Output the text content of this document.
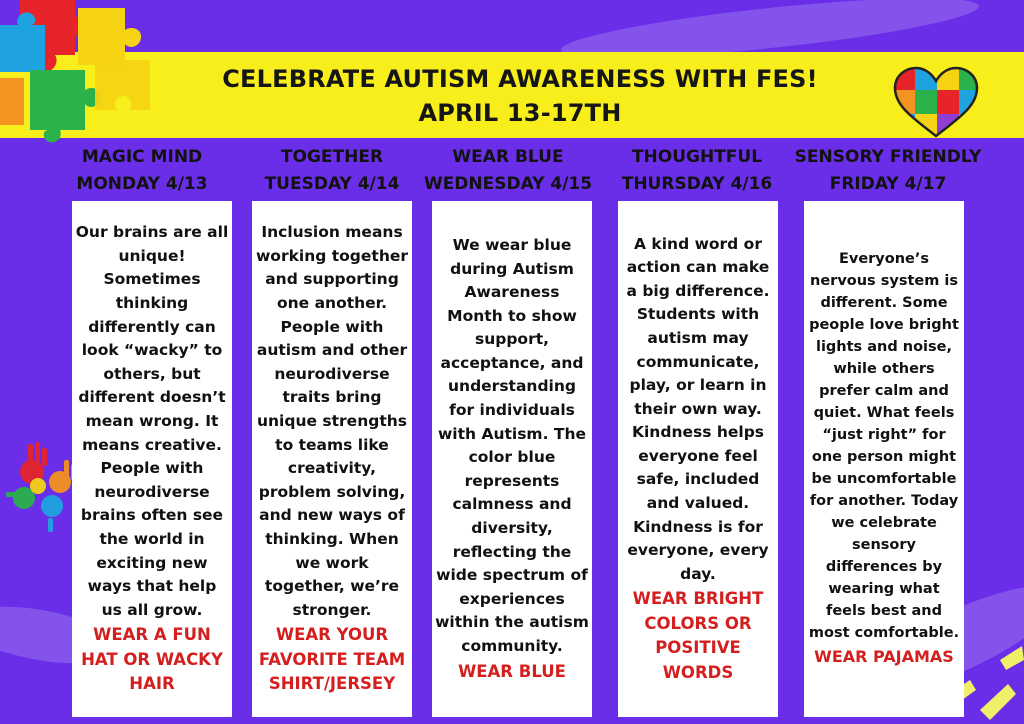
CELEBRATE AUTISM AWARENESS WITH FES!
APRIL 13-17TH
MAGIC MIND
MONDAY 4/13
TOGETHER
TUESDAY 4/14
WEAR BLUE
WEDNESDAY 4/15
THOUGHTFUL
THURSDAY 4/16
SENSORY FRIENDLY
FRIDAY 4/17
Our brains are all unique! Sometimes thinking differently can look “wacky” to others, but different doesn’t mean wrong. It means creative. People with neurodiverse brains often see the world in exciting new ways that help us all grow.
WEAR A FUN HAT OR WACKY HAIR
Inclusion means working together and supporting one another. People with autism and other neurodiverse traits bring unique strengths to teams like creativity, problem solving, and new ways of thinking. When we work together, we’re stronger.
WEAR YOUR FAVORITE TEAM SHIRT/JERSEY
We wear blue during Autism Awareness Month to show support, acceptance, and understanding for individuals with Autism. The color blue represents calmness and diversity, reflecting the wide spectrum of experiences within the autism community.
WEAR BLUE
A kind word or action can make a big difference. Students with autism may communicate, play, or learn in their own way. Kindness helps everyone feel safe, included and valued. Kindness is for everyone, every day.
WEAR BRIGHT COLORS OR POSITIVE WORDS
Everyone’s nervous system is different. Some people love bright lights and noise, while others prefer calm and quiet. What feels “just right” for one person might be uncomfortable for another. Today we celebrate sensory differences by wearing what feels best and most comfortable.
WEAR PAJAMAS
